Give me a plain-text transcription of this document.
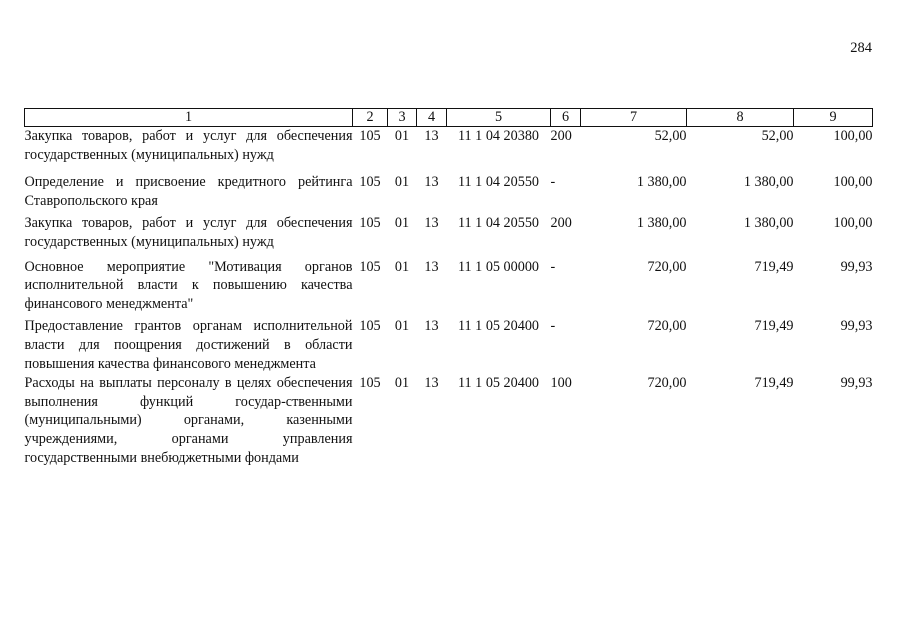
284
1	2	3	4	5	6	7	8	9
Закупка товаров, работ и услуг для обеспечения государственных (муниципальных) нужд	105	01	13	11 1 04 20380	200	52,00	52,00	100,00
Определение и присвоение кредитного рейтинга Ставропольского края	105	01	13	11 1 04 20550	-	1 380,00	1 380,00	100,00
Закупка товаров, работ и услуг для обеспечения государственных (муниципальных) нужд	105	01	13	11 1 04 20550	200	1 380,00	1 380,00	100,00
Основное мероприятие "Мотивация органов исполнительной власти к повышению качества финансового менеджмента"	105	01	13	11 1 05 00000	-	720,00	719,49	99,93
Предоставление грантов органам исполнительной власти для поощрения достижений в области повышения качества финансового менеджмента	105	01	13	11 1 05 20400	-	720,00	719,49	99,93
Расходы на выплаты персоналу в целях обеспечения выполнения функций государ-ственными (муниципальными) органами, казенными учреждениями, органами управления государственными внебюджетными фондами	105	01	13	11 1 05 20400	100	720,00	719,49	99,93
